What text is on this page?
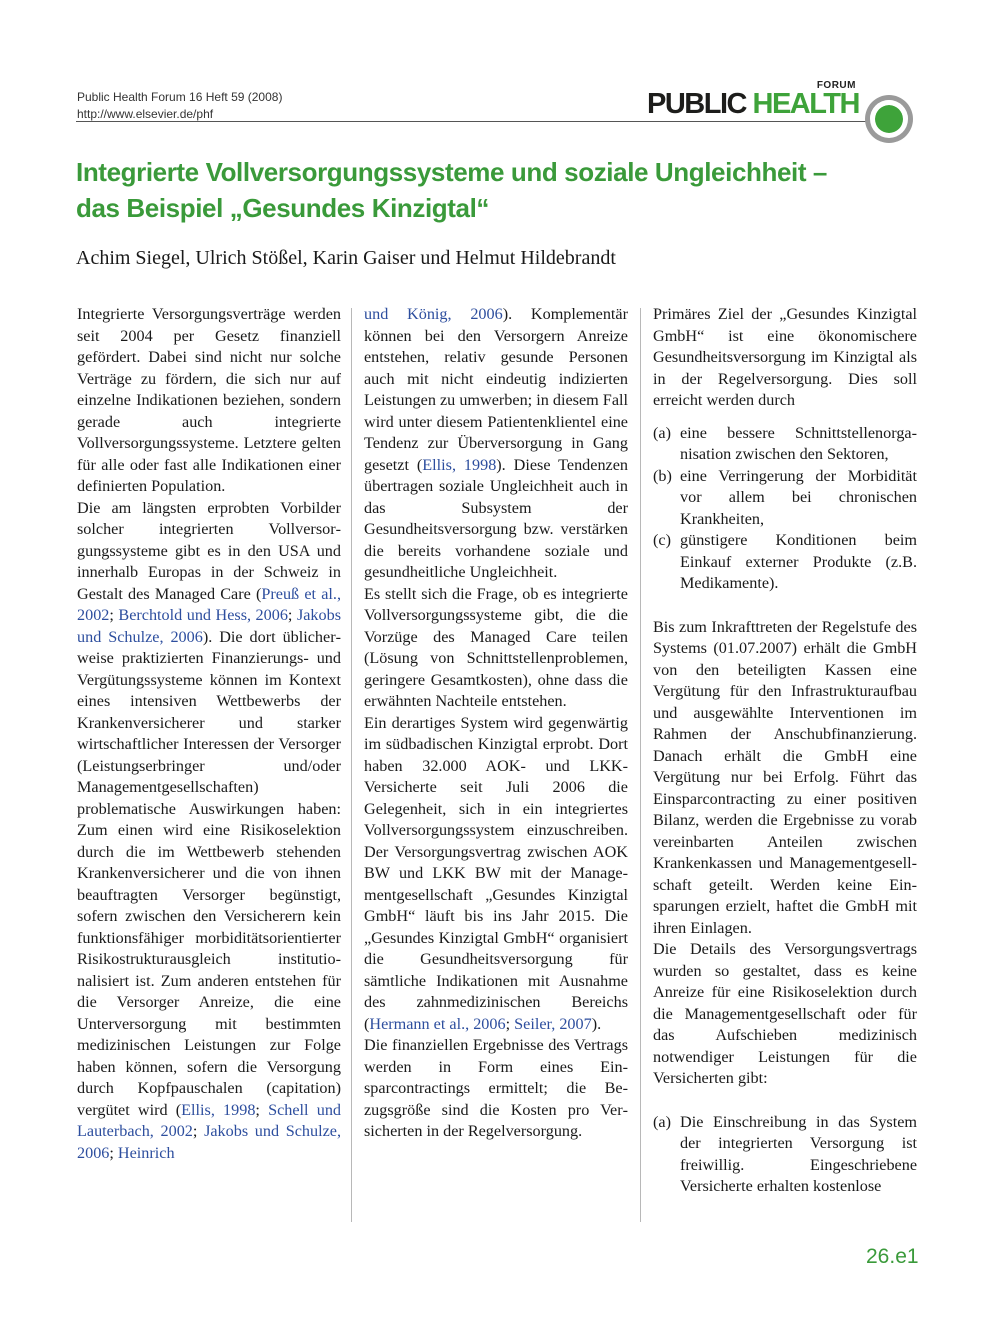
Public Health Forum 16 Heft 59 (2008)
http://www.elsevier.de/phf
FORUM
PUBLIC HEALTH
Integrierte Vollversorgungssysteme und soziale Ungleichheit –
das Beispiel „Gesundes Kinzigtal“
Achim Siegel, Ulrich Stößel, Karin Gaiser und Helmut Hildebrandt

Integrierte Versorgungsverträge werden seit 2004 per Gesetz finanziell gefördert. Dabei sind nicht nur solche Verträge zu fördern, die sich nur auf einzelne Indikationen beziehen, sondern gerade auch integrierte Vollversorgungssysteme. Letztere gelten für alle oder fast alle Indikationen einer definierten Population.

Die am längsten erprobten Vorbilder solcher integrierten Vollversorgungssysteme gibt es in den USA und innerhalb Europas in der Schweiz in Gestalt des Managed Care (Preuß et al., 2002; Berchtold und Hess, 2006; Jakobs und Schulze, 2006). Die dort üblicherweise praktizierten Finanzierungs- und Vergütungssysteme können im Kontext eines intensiven Wettbewerbs der Krankenversicherer und starker wirtschaftlicher Interessen der Versorger (Leistungserbringer und/oder Managementgesellschaften) problematische Auswirkungen haben: Zum einen wird eine Risikoselektion durch die im Wettbewerb stehenden Krankenversicherer und die von ihnen beauftragten Versorger begünstigt, sofern zwischen den Versicherern kein funktionsfähiger morbiditätsorientierter Risikostrukturausgleich institutionalisiert ist. Zum anderen entstehen für die Versorger Anreize, die eine Unterversorgung mit bestimmten medizinischen Leistungen zur Folge haben können, sofern die Versorgung durch Kopfpauschalen (capitation) vergütet wird (Ellis, 1998; Schell und Lauterbach, 2002; Jakobs und Schulze, 2006; Heinrich

und König, 2006). Komplementär können bei den Versorgern Anreize entstehen, relativ gesunde Personen auch mit nicht eindeutig indizierten Leistungen zu umwerben; in diesem Fall wird unter diesem Patientenklientel eine Tendenz zur Überversorgung in Gang gesetzt (Ellis, 1998). Diese Tendenzen übertragen soziale Ungleichheit auch in das Subsystem der Gesundheitsversorgung bzw. verstärken die bereits vorhandene soziale und gesundheitliche Ungleichheit.

Es stellt sich die Frage, ob es integrierte Vollversorgungssysteme gibt, die die Vorzüge des Managed Care teilen (Lösung von Schnittstellenproblemen, geringere Gesamtkosten), ohne dass die erwähnten Nachteile entstehen.

Ein derartiges System wird gegenwärtig im südbadischen Kinzigtal erprobt. Dort haben 32.000 AOK- und LKK-Versicherte seit Juli 2006 die Gelegenheit, sich in ein integriertes Vollversorgungssystem einzuschreiben. Der Versorgungsvertrag zwischen AOK BW und LKK BW mit der Managementgesellschaft „Gesundes Kinzigtal GmbH“ läuft bis ins Jahr 2015. Die „Gesundes Kinzigtal GmbH“ organisiert die Gesundheitsversorgung für sämtliche Indikationen mit Ausnahme des zahnmedizinischen Bereichs (Hermann et al., 2006; Seiler, 2007).

Die finanziellen Ergebnisse des Vertrags werden in Form eines Einsparcontractings ermittelt; die Bezugsgröße sind die Kosten pro Versicherten in der Regelversorgung.

Primäres Ziel der „Gesundes Kinzigtal GmbH“ ist eine ökonomischere Gesundheitsversorgung im Kinzigtal als in der Regelversorgung. Dies soll erreicht werden durch

(a) eine bessere Schnittstellenorganisation zwischen den Sektoren,
(b) eine Verringerung der Morbidität vor allem bei chronischen Krankheiten,
(c) günstigere Konditionen beim Einkauf externer Produkte (z.B. Medikamente).

Bis zum Inkrafttreten der Regelstufe des Systems (01.07.2007) erhält die GmbH von den beteiligten Kassen eine Vergütung für den Infrastrukturaufbau und ausgewählte Interventionen im Rahmen der Anschubfinanzierung. Danach erhält die GmbH eine Vergütung nur bei Erfolg. Führt das Einsparcontracting zu einer positiven Bilanz, werden die Ergebnisse zu vorab vereinbarten Anteilen zwischen Krankenkassen und Managementgesellschaft geteilt. Werden keine Einsparungen erzielt, haftet die GmbH mit ihren Einlagen.

Die Details des Versorgungsvertrags wurden so gestaltet, dass es keine Anreize für eine Risikoselektion durch die Managementgesellschaft oder für das Aufschieben medizinisch notwendiger Leistungen für die Versicherten gibt:

(a) Die Einschreibung in das System der integrierten Versorgung ist freiwillig. Eingeschriebene Versicherte erhalten kostenlose
26.e1
